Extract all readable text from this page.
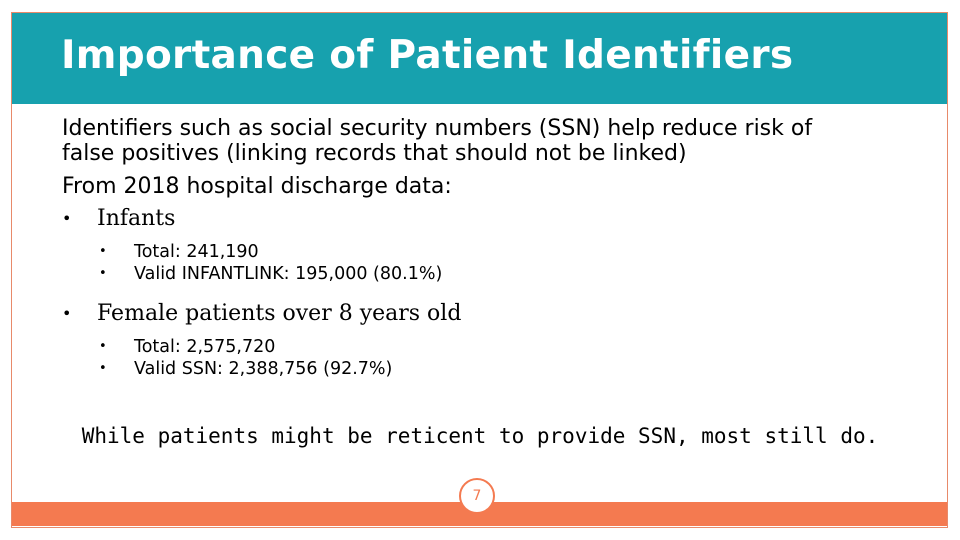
Importance of Patient Identifiers

Identifiers such as social security numbers (SSN) help reduce risk of false positives (linking records that should not be linked)

From 2018 hospital discharge data:

• Infants
• Total: 241,190
• Valid INFANTLINK: 195,000 (80.1%)
• Female patients over 8 years old
• Total: 2,575,720
• Valid SSN: 2,388,756 (92.7%)
While patients might be reticent to provide SSN, most still do.
7
